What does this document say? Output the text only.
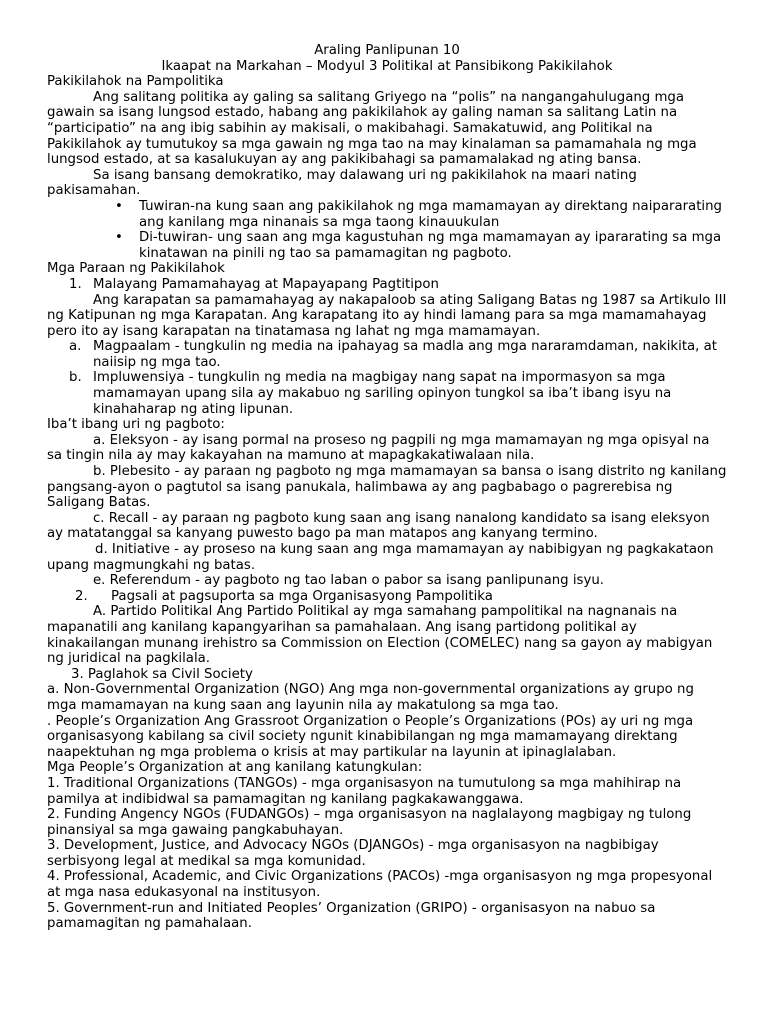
Araling Panlipunan 10
Ikaapat na Markahan – Modyul 3 Politikal at Pansibikong Pakikilahok
Pakikilahok na Pampolitika

Ang salitang politika ay galing sa salitang Griyego na “polis” na nangangahulugang mga gawain sa isang lungsod estado, habang ang pakikilahok ay galing naman sa salitang Latin na “participatio” na ang ibig sabihin ay makisali, o makibahagi. Samakatuwid, ang Politikal na Pakikilahok ay tumutukoy sa mga gawain ng mga tao na may kinalaman sa pamamahala ng mga lungsod estado, at sa kasalukuyan ay ang pakikibahagi sa pamamalakad ng ating bansa.

Sa isang bansang demokratiko, may dalawang uri ng pakikilahok na maari nating pakisamahan.

• Tuwiran-na kung saan ang pakikilahok ng mga mamamayan ay direktang naipararating ang kanilang mga ninanais sa mga taong kinauukulan
• Di-tuwiran- ung saan ang mga kagustuhan ng mga mamamayan ay ipararating sa mga kinatawan na pinili ng tao sa pamamagitan ng pagboto.
Mga Paraan ng Pakikilahok
1. Malayang Pamamahayag at Mapayapang Pagtitipon

Ang karapatan sa pamamahayag ay nakapaloob sa ating Saligang Batas ng 1987 sa Artikulo III ng Katipunan ng mga Karapatan. Ang karapatang ito ay hindi lamang para sa mga mamamahayag pero ito ay isang karapatan na tinatamasa ng lahat ng mga mamamayan.

a. Magpaalam - tungkulin ng media na ipahayag sa madla ang mga nararamdaman, nakikita, at naiisip ng mga tao.
b. Impluwensiya - tungkulin ng media na magbigay nang sapat na impormasyon sa mga mamamayan upang sila ay makabuo ng sariling opinyon tungkol sa iba’t ibang isyu na kinahaharap ng ating lipunan.
Iba’t ibang uri ng pagboto:

a. Eleksyon - ay isang pormal na proseso ng pagpili ng mga mamamayan ng mga opisyal na sa tingin nila ay may kakayahan na mamuno at mapagkakatiwalaan nila.

b. Plebesito - ay paraan ng pagboto ng mga mamamayan sa bansa o isang distrito ng kanilang pangsang-ayon o pagtutol sa isang panukala, halimbawa ay ang pagbabago o pagrerebisa ng Saligang Batas.

c. Recall - ay paraan ng pagboto kung saan ang isang nanalong kandidato sa isang eleksyon ay matatanggal sa kanyang puwesto bago pa man matapos ang kanyang termino.

d. Initiative - ay proseso na kung saan ang mga mamamayan ay nabibigyan ng pagkakataon upang magmungkahi ng batas.

e. Referendum - ay pagboto ng tao laban o pabor sa isang panlipunang isyu.

2. Pagsali at pagsuporta sa mga Organisasyong Pampolitika

A. Partido Politikal Ang Partido Politikal ay mga samahang pampolitikal na nagnanais na mapanatili ang kanilang kapangyarihan sa pamahalaan. Ang isang partidong politikal ay kinakailangan munang irehistro sa Commission on Election (COMELEC) nang sa gayon ay mabigyan ng juridical na pagkilala.

3. Paglahok sa Civil Society

a. Non-Governmental Organization (NGO) Ang mga non-governmental organizations ay grupo ng mga mamamayan na kung saan ang layunin nila ay makatulong sa mga tao.

. People’s Organization Ang Grassroot Organization o People’s Organizations (POs) ay uri ng mga organisasyong kabilang sa civil society ngunit kinabibilangan ng mga mamamayang direktang naapektuhan ng mga problema o krisis at may partikular na layunin at ipinaglalaban.

Mga People’s Organization at ang kanilang katungkulan:

1. Traditional Organizations (TANGOs) - mga organisasyon na tumutulong sa mga mahihirap na pamilya at indibidwal sa pamamagitan ng kanilang pagkakawanggawa.

2. Funding Angency NGOs (FUDANGOs) – mga organisasyon na naglalayong magbigay ng tulong pinansiyal sa mga gawaing pangkabuhayan.

3. Development, Justice, and Advocacy NGOs (DJANGOs) - mga organisasyon na nagbibigay serbisyong legal at medikal sa mga komunidad.

4. Professional, Academic, and Civic Organizations (PACOs) -mga organisasyon ng mga propesyonal at mga nasa edukasyonal na institusyon.

5. Government-run and Initiated Peoples’ Organization (GRIPO) - organisasyon na nabuo sa pamamagitan ng pamahalaan.
